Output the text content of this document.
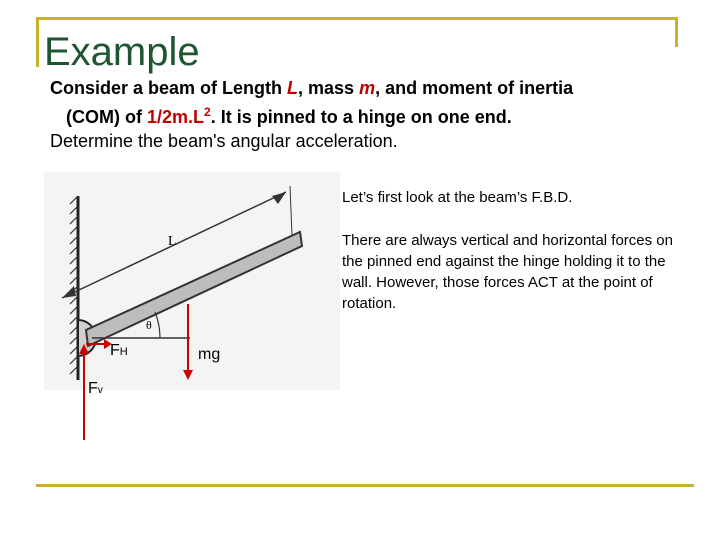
Example
Consider a beam of Length L, mass m, and moment of inertia
(COM) of $1/2m.L^2$. It is pinned to a hinge on one end.
Determine the beam's angular acceleration.
L
θ
FH	mg
Fv
Let’s first look at the beam’s F.B.D.
There are always vertical and horizontal forces on the pinned end against the hinge holding it to the wall. However, those forces ACT at the point of rotation.
